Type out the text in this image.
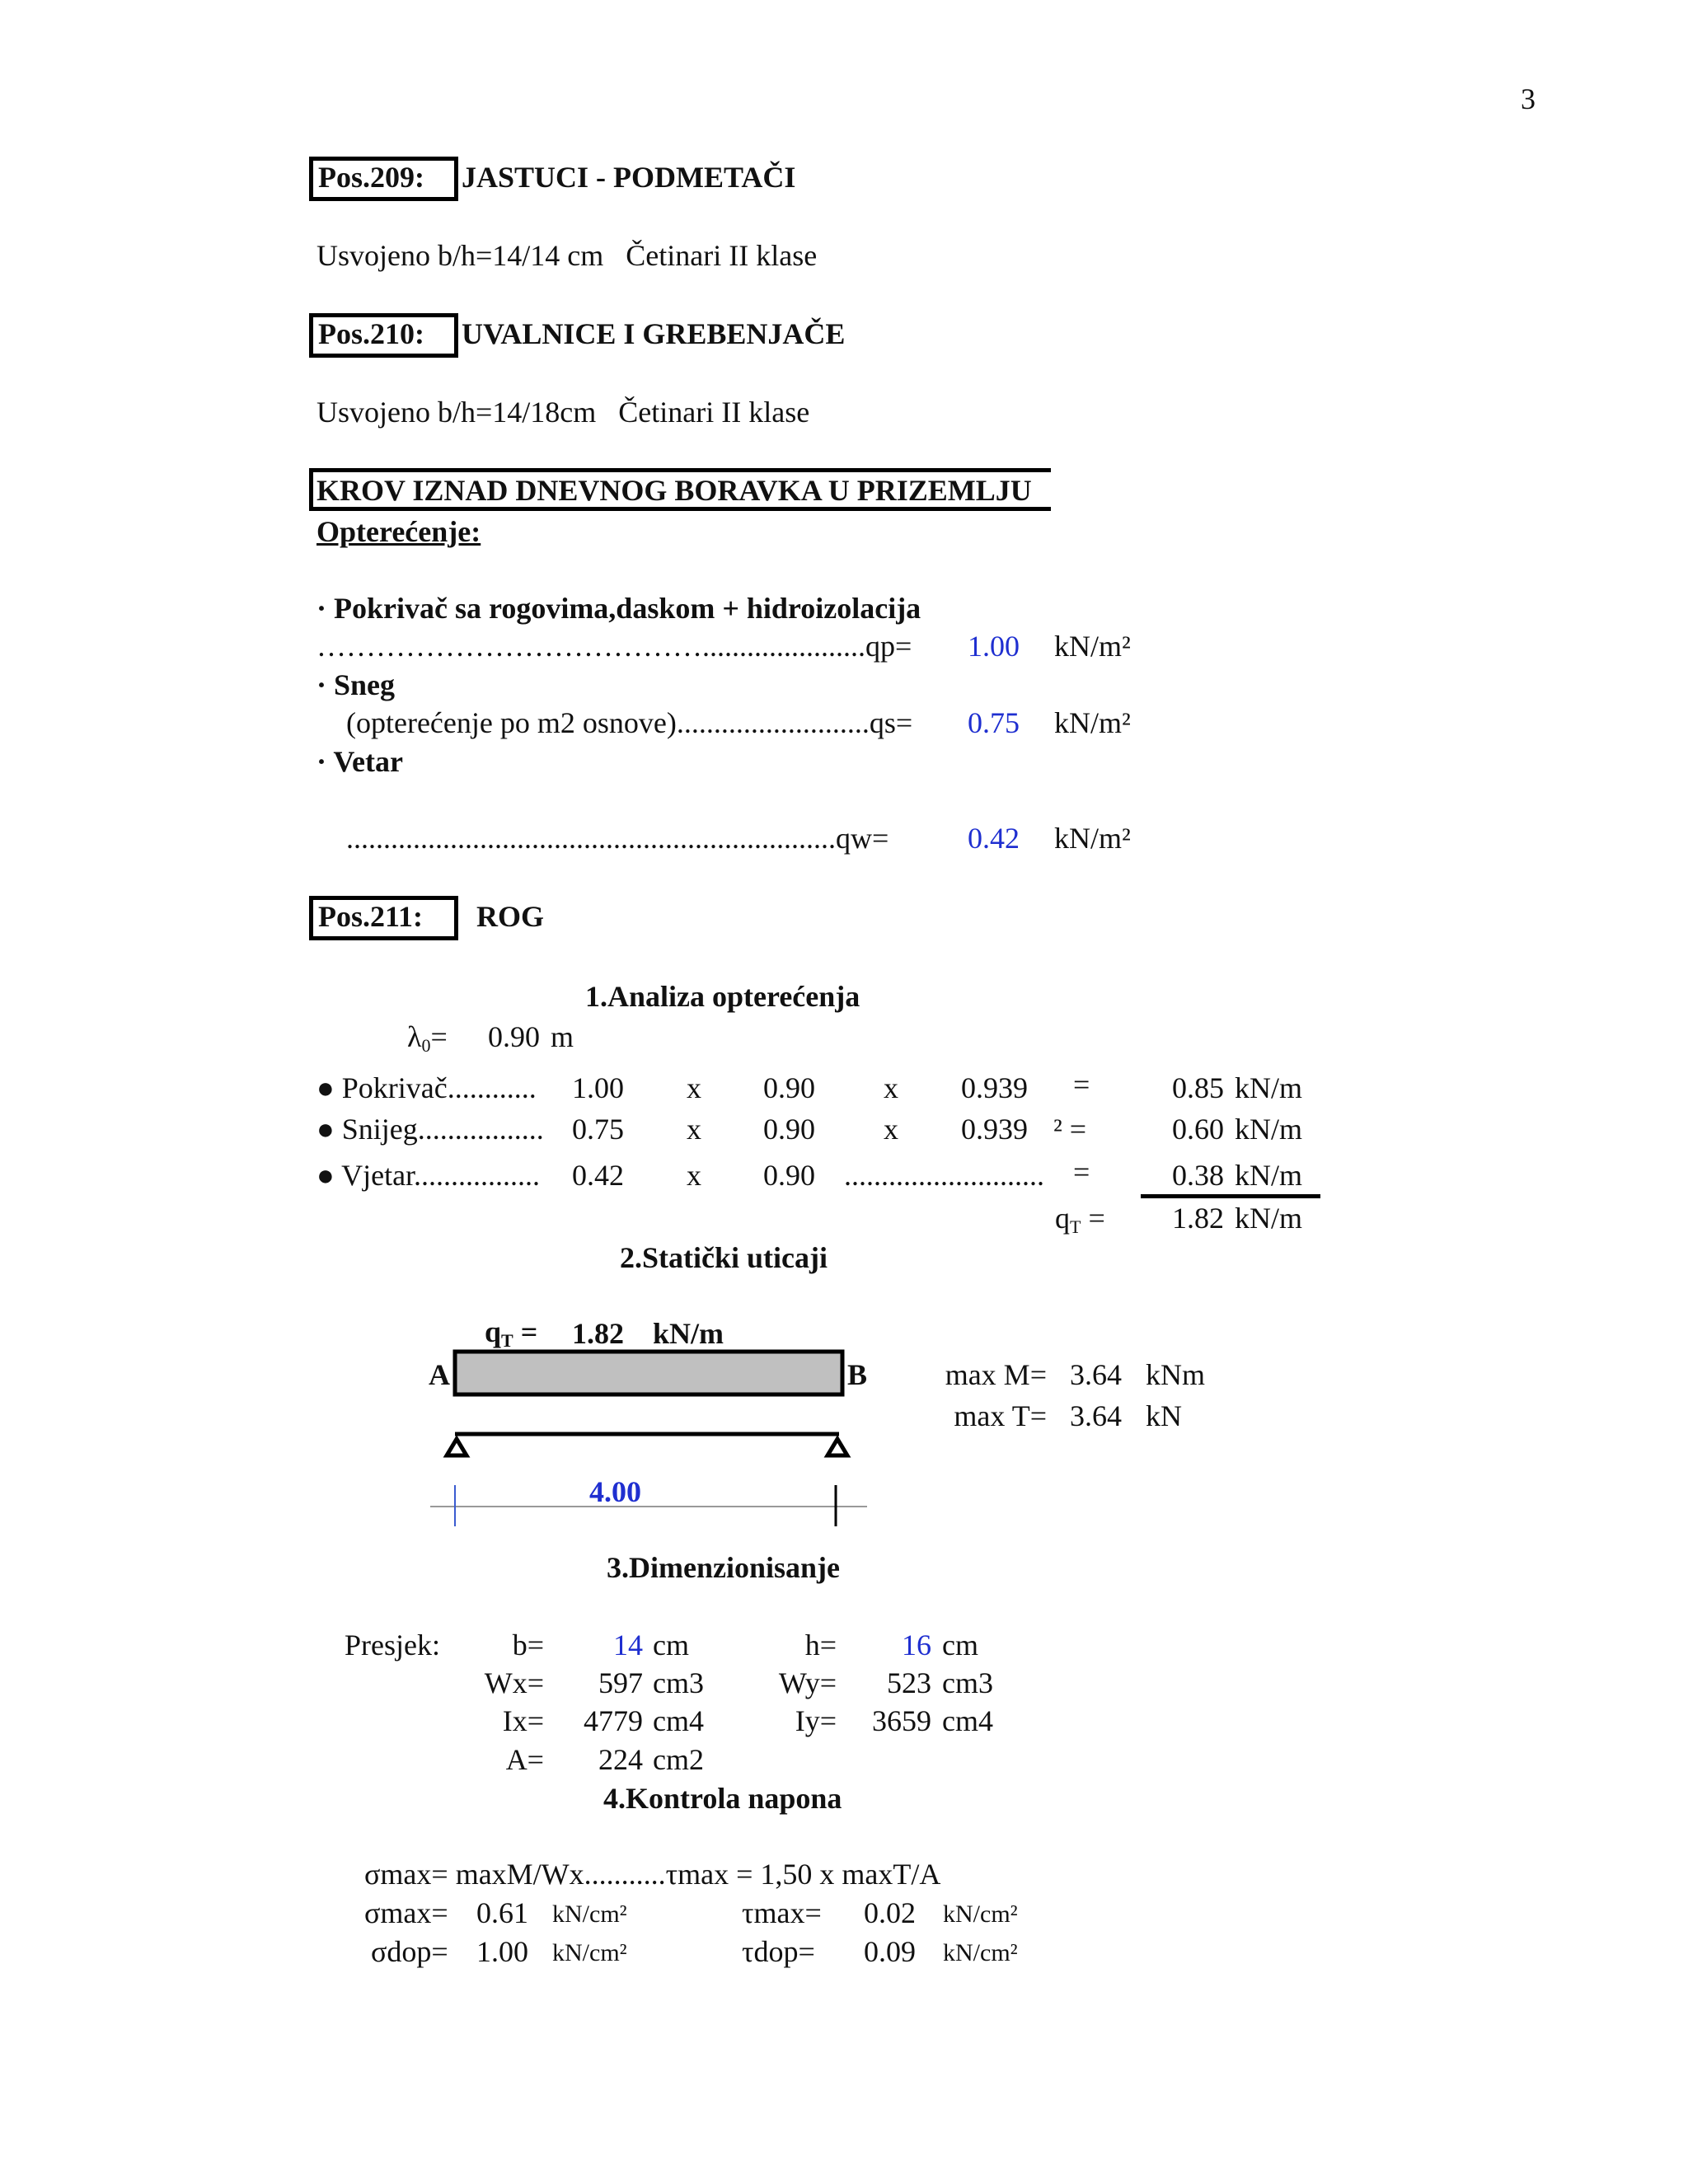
3
Pos.209: JASTUCI - PODMETAČI
Usvojeno b/h=14/14 cm   Četinari II klase
Pos.210: UVALNICE I GREBENJAČE
Usvojeno b/h=14/18cm   Četinari II klase
KROV IZNAD DNEVNOG BORAVKA U PRIZEMLJU
Opterećenje:
· Pokrivač sa rogovima,daskom + hidroizolacija
…………………………………......................qp= 1.00 kN/m²
· Sneg
(opterećenje po m2 osnove)..........................qs= 0.75 kN/m²
· Vetar
..................................................................qw=	0.42 kN/m²
Pos.211: ROG
1.Analiza opterećenja
$\lambda_0= 0.90$ m
● Pokrivač............ 1.00 x 0.90 x 0.939 =	0.85 kN/m
● Snijeg................. 0.75 x 0.90 x 0.939 ² =	0.60 kN/m
● Vjetar................. 0.42 x 0.90 ........................... =	0.38 kN/m
$q_T = 1.82$ kN/m
2.Statički uticaji
$q_T = 1.82$ kN/m
A	B
4.00
max M= 3.64 kNm
max T= 3.64 kN
3.Dimenzionisanje
Presjek:	b=	14 cm	h=	16 cm
Wx=	597 cm3	Wy=	523 cm3
Ix=	4779 cm4	Iy=	3659 cm4
A=	224 cm2
4.Kontrola napona
σmax= maxM/Wx...........τmax = 1,50 x maxT/A
σmax= 0.61 kN/cm²	τmax= 0.02 kN/cm²
σdop= 1.00 kN/cm²	τdop= 0.09 kN/cm²
